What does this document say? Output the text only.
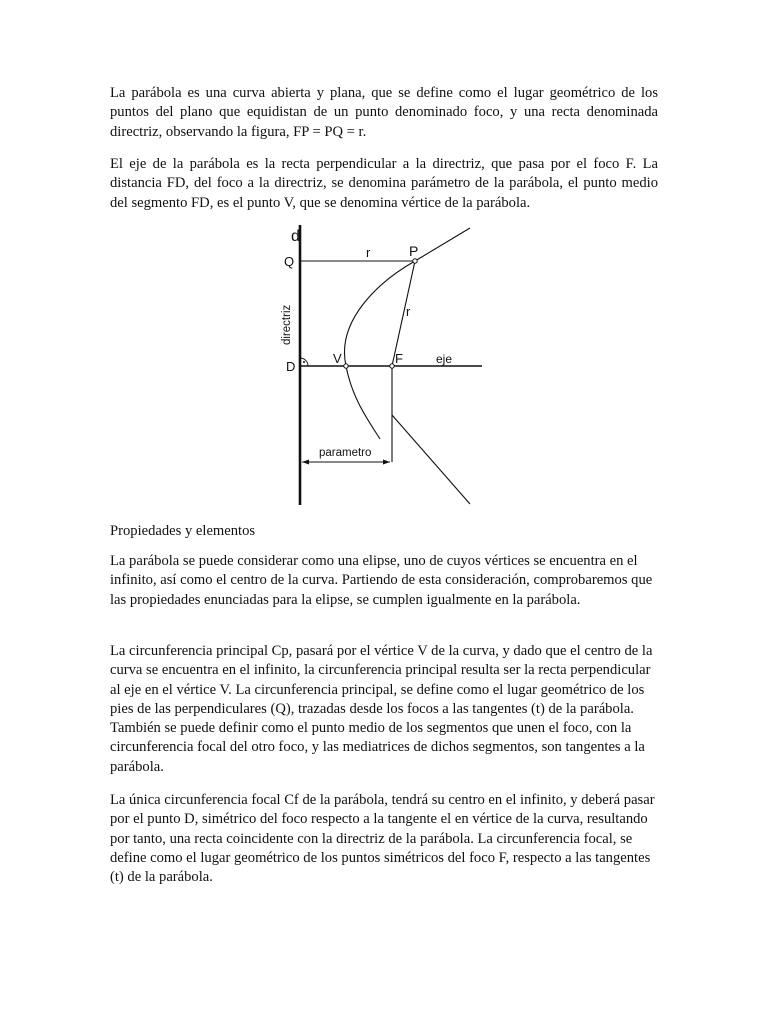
La parábola es una curva abierta y plana, que se define como el lugar geométrico de los puntos del plano que equidistan de un punto denominado foco, y una recta denominada directriz, observando la figura, FP = PQ = r.

El eje de la parábola es la recta perpendicular a la directriz, que pasa por el foco F. La distancia FD, del foco a la directriz, se denomina parámetro de la parábola, el punto medio del segmento FD, es el punto V, que se denomina vértice de la parábola.

d
Q
r	P
directriz	r
D
V	F	eje
parametro

Propiedades y elementos

La parábola se puede considerar como una elipse, uno de cuyos vértices se encuentra en el infinito, así como el centro de la curva. Partiendo de esta consideración, comprobaremos que las propiedades enunciadas para la elipse, se cumplen igualmente en la parábola.

La circunferencia principal Cp, pasará por el vértice V de la curva, y dado que el centro de la curva se encuentra en el infinito, la circunferencia principal resulta ser la recta perpendicular al eje en el vértice V. La circunferencia principal, se define como el lugar geométrico de los pies de las perpendiculares (Q), trazadas desde los focos a las tangentes (t) de la parábola. También se puede definir como el punto medio de los segmentos que unen el foco, con la circunferencia focal del otro foco, y las mediatrices de dichos segmentos, son tangentes a la parábola.

La única circunferencia focal Cf de la parábola, tendrá su centro en el infinito, y deberá pasar por el punto D, simétrico del foco respecto a la tangente el en vértice de la curva, resultando por tanto, una recta coincidente con la directriz de la parábola. La circunferencia focal, se define como el lugar geométrico de los puntos simétricos del foco F, respecto a las tangentes (t) de la parábola.
